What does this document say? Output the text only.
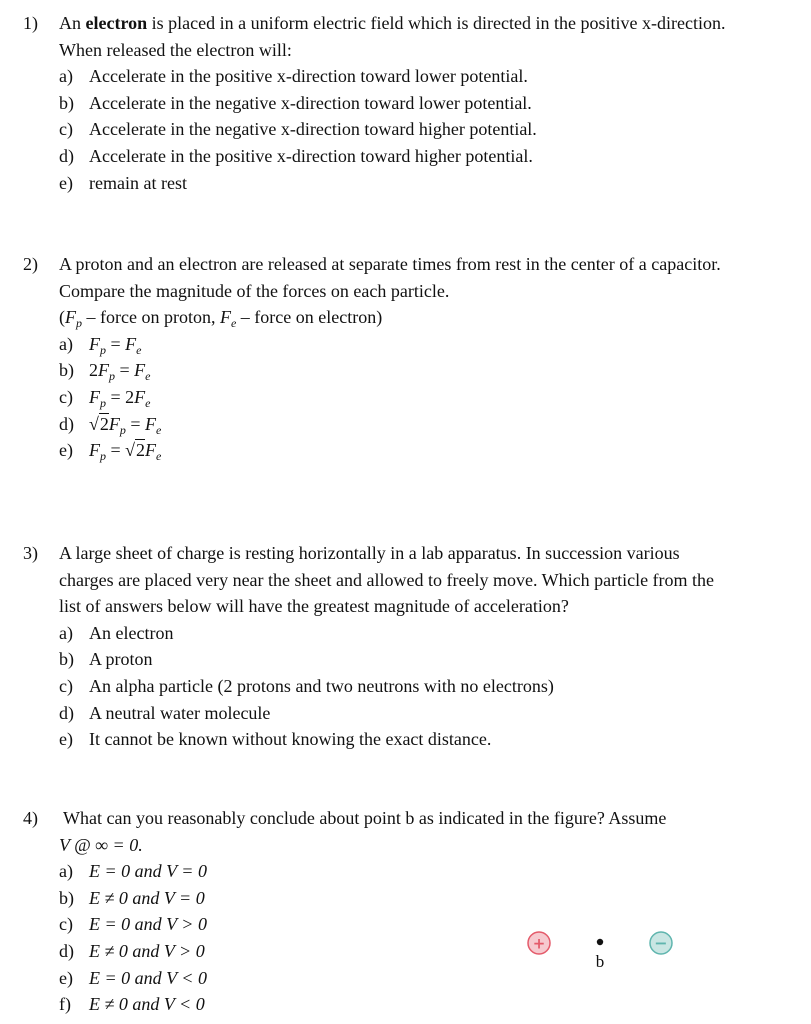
1) An electron is placed in a uniform electric field which is directed in the positive x-direction.
When released the electron will:
a) Accelerate in the positive x-direction toward lower potential.
b) Accelerate in the negative x-direction toward lower potential.
c) Accelerate in the negative x-direction toward higher potential.
d) Accelerate in the positive x-direction toward higher potential.
e) remain at rest
2) A proton and an electron are released at separate times from rest in the center of a capacitor.
Compare the magnitude of the forces on each particle.
($F_p$ – force on proton, $F_e$ – force on electron)
a) $F_p = F_e$
b) $2F_p = F_e$
c) $F_p = 2F_e$
d) $√2F_p = F_e$
e) $F_p = √2F_e$
3) A large sheet of charge is resting horizontally in a lab apparatus. In succession various
charges are placed very near the sheet and allowed to freely move. Which particle from the
list of answers below will have the greatest magnitude of acceleration?
a) An electron
b) A proton
c) An alpha particle (2 protons and two neutrons with no electrons)
d) A neutral water molecule
e) It cannot be known without knowing the exact distance.
4) What can you reasonably conclude about point b as indicated in the figure? Assume
V @ ∞ = 0.
a) E = 0 and V = 0
b) E ≠ 0 and V = 0
c) E = 0 and V > 0
d) E ≠ 0 and V > 0
e) E = 0 and V < 0
f) E ≠ 0 and V < 0
+
b
−
